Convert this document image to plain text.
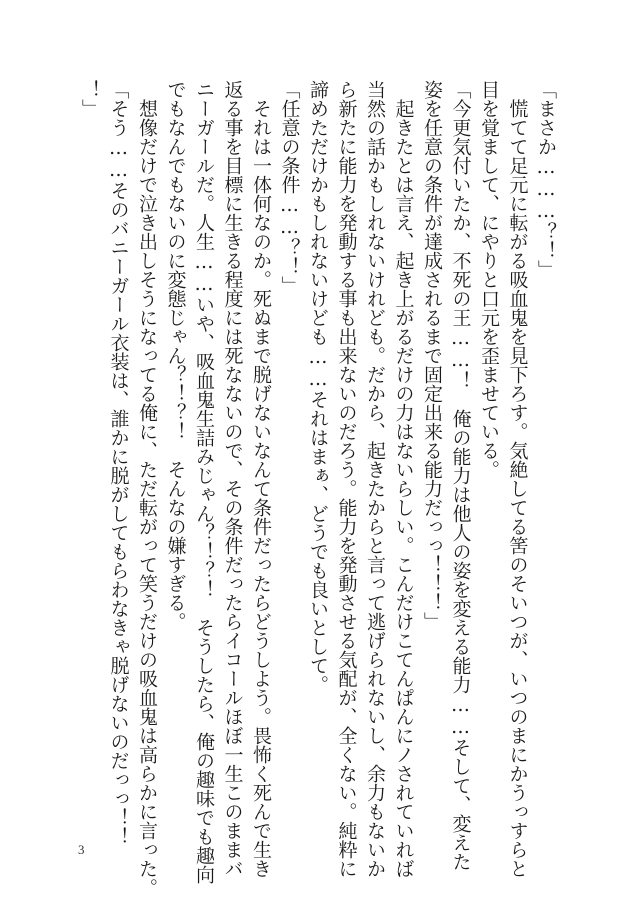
「まさか………？！」
　慌てて足元に転がる吸血鬼を見下ろす。気絶してる筈のそいつが、いつのまにかうっすらと
目を覚まして、にやりと口元を歪ませている。
「今更気付いたか、不死の王……！　俺の能力は他人の姿を変える能力……そして、変えた
姿を任意の条件が達成されるまで固定出来る能力だっっ！！！」
　起きたとは言え、起き上がるだけの力はないらしい。こんだけこてんぱんにノされていれば
当然の話かもしれないけれども。だから、起きたからと言って逃げられないし、余力もないか
ら新たに能力を発動する事も出来ないのだろう。能力を発動させる気配が、全くない。純粋に
諦めただけかもしれないけども……それはまぁ、どうでも良いとして。
「任意の条件……？！」
　それは一体何なのか。死ぬまで脱げないなんて条件だったらどうしよう。畏怖く死んで生き
返る事を目標に生きる程度には死なないので、その条件だったらイコールほぼ一生このままバ
ニーガールだ。人生……いや、吸血鬼生詰みじゃん？！？！　そうしたら、俺の趣味でも趣向
でもなんでもないのに変態じゃん？！？！　そんなの嫌すぎる。
　想像だけで泣き出しそうになってる俺に、ただ転がって笑うだけの吸血鬼は高らかに言った。
「そう……そのバニーガール衣装は、誰かに脱がしてもらわなきゃ脱げないのだっっ！！
！」
3
